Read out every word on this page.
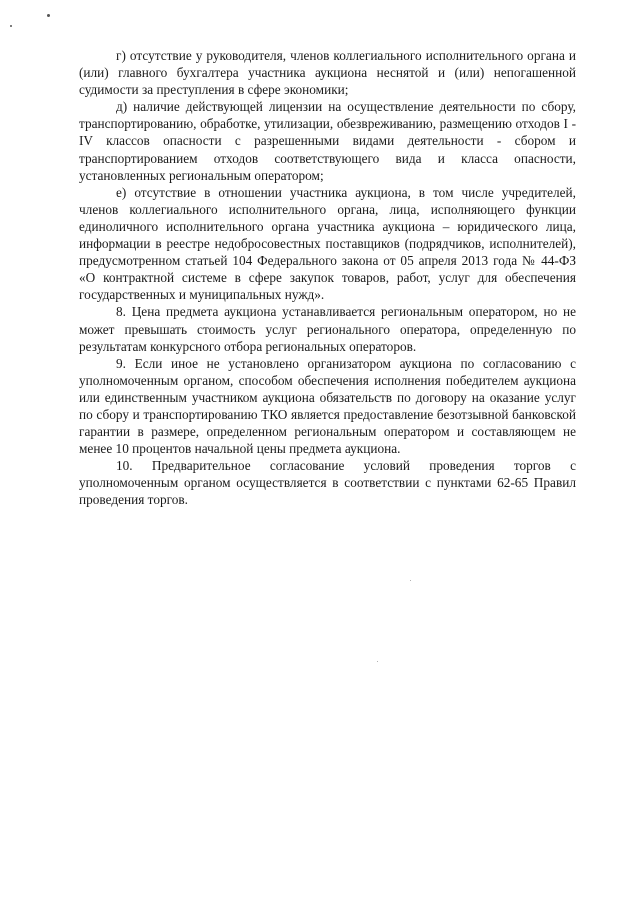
г) отсутствие у руководителя, членов коллегиального исполнительного органа и (или) главного бухгалтера участника аукциона неснятой и (или) непогашенной судимости за преступления в сфере экономики;

д) наличие действующей лицензии на осуществление деятельности по сбору, транспортированию, обработке, утилизации, обезвреживанию, размещению отходов I - IV классов опасности с разрешенными видами деятельности - сбором и транспортированием отходов соответствующего вида и класса опасности, установленных региональным оператором;

е) отсутствие в отношении участника аукциона, в том числе учредителей, членов коллегиального исполнительного органа, лица, исполняющего функции единоличного исполнительного органа участника аукциона – юридического лица, информации в реестре недобросовестных поставщиков (подрядчиков, исполнителей), предусмотренном статьей 104 Федерального закона от 05 апреля 2013 года № 44-ФЗ «О контрактной системе в сфере закупок товаров, работ, услуг для обеспечения государственных и муниципальных нужд».

8. Цена предмета аукциона устанавливается региональным оператором, но не может превышать стоимость услуг регионального оператора, определенную по результатам конкурсного отбора региональных операторов.

9. Если иное не установлено организатором аукциона по согласованию с уполномоченным органом, способом обеспечения исполнения победителем аукциона или единственным участником аукциона обязательств по договору на оказание услуг по сбору и транспортированию ТКО является предоставление безотзывной банковской гарантии в размере, определенном региональным оператором и составляющем не менее 10 процентов начальной цены предмета аукциона.

10. Предварительное согласование условий проведения торгов с уполномоченным органом осуществляется в соответствии с пунктами 62-65 Правил проведения торгов.
